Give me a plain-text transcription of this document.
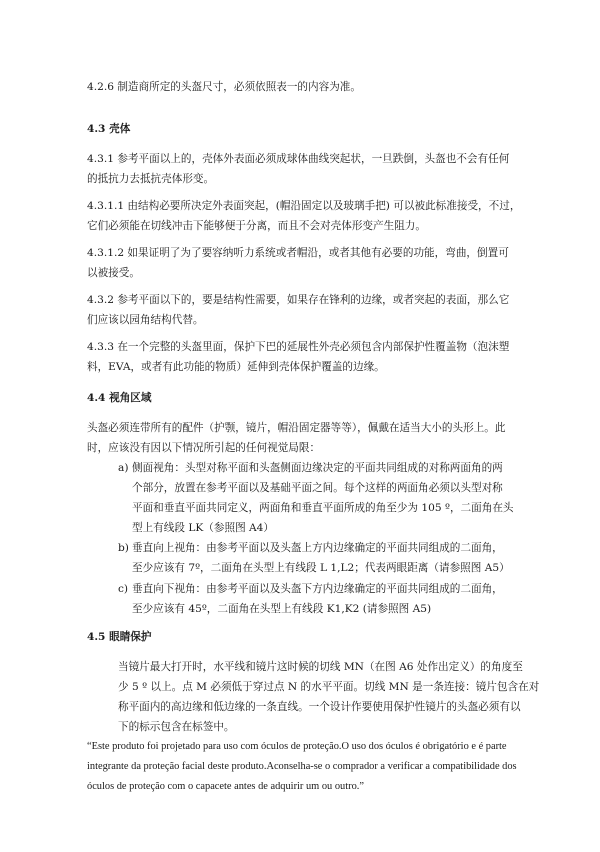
4.2.6 制造商所定的头盔尺寸，必须依照表一的内容为准。

4.3 壳体

4.3.1 参考平面以上的，壳体外表面必须成球体曲线突起状，一旦跌倒，头盔也不会有任何
的抵抗力去抵抗壳体形变。

4.3.1.1 由结构必要所决定外表面突起，(帽沿固定以及玻璃手把) 可以被此标准接受，不过，
它们必须能在切线冲击下能够便于分离，而且不会对壳体形变产生阻力。

4.3.1.2 如果证明了为了要容纳听力系统或者帽沿，或者其他有必要的功能，弯曲，倒置可
以被接受。

4.3.2 参考平面以下的，要是结构性需要，如果存在锋利的边缘，或者突起的表面，那么它
们应该以园角结构代替。

4.3.3 在一个完整的头盔里面，保护下巴的延展性外壳必须包含内部保护性覆盖物（泡沫塑
料，EVA，或者有此功能的物质）延伸到壳体保护覆盖的边缘。

4.4 视角区域

头盔必须连带所有的配件（护颚，镜片，帽沿固定器等等），佩戴在适当大小的头形上。此
时，应该没有因以下情况所引起的任何视觉局限：

a) 侧面视角：头型对称平面和头盔侧面边缘决定的平面共同组成的对称两面角的两
个部分，放置在参考平面以及基础平面之间。每个这样的两面角必须以头型对称
平面和垂直平面共同定义，两面角和垂直平面所成的角至少为 105 º，二面角在头
型上有线段 LK（参照图 A4）
b) 垂直向上视角：由参考平面以及头盔上方内边缘确定的平面共同组成的二面角，
至少应该有 7º，二面角在头型上有线段 L 1,L2；代表两眼距离（请参照图 A5）
c) 垂直向下视角：由参考平面以及头盔下方内边缘确定的平面共同组成的二面角，
至少应该有 45º，二面角在头型上有线段 K1,K2 (请参照图 A5)

4.5 眼睛保护

当镜片最大打开时，水平线和镜片这时候的切线 MN（在图 A6 处作出定义）的角度至
少 5 º 以上。点 M 必须低于穿过点 N 的水平平面。切线 MN 是一条连接：镜片包含在对
称平面内的高边缘和低边缘的一条直线。一个设计作要使用保护性镜片的头盔必须有以
下的标示包含在标签中。

“Este produto foi projetado para uso com óculos de proteção.O uso dos óculos é obrigatório e é parte
integrante da proteção facial deste produto.Aconselha-se o comprador a verificar a compatibilidade dos
óculos de proteção com o capacete antes de adquirir um ou outro.”
